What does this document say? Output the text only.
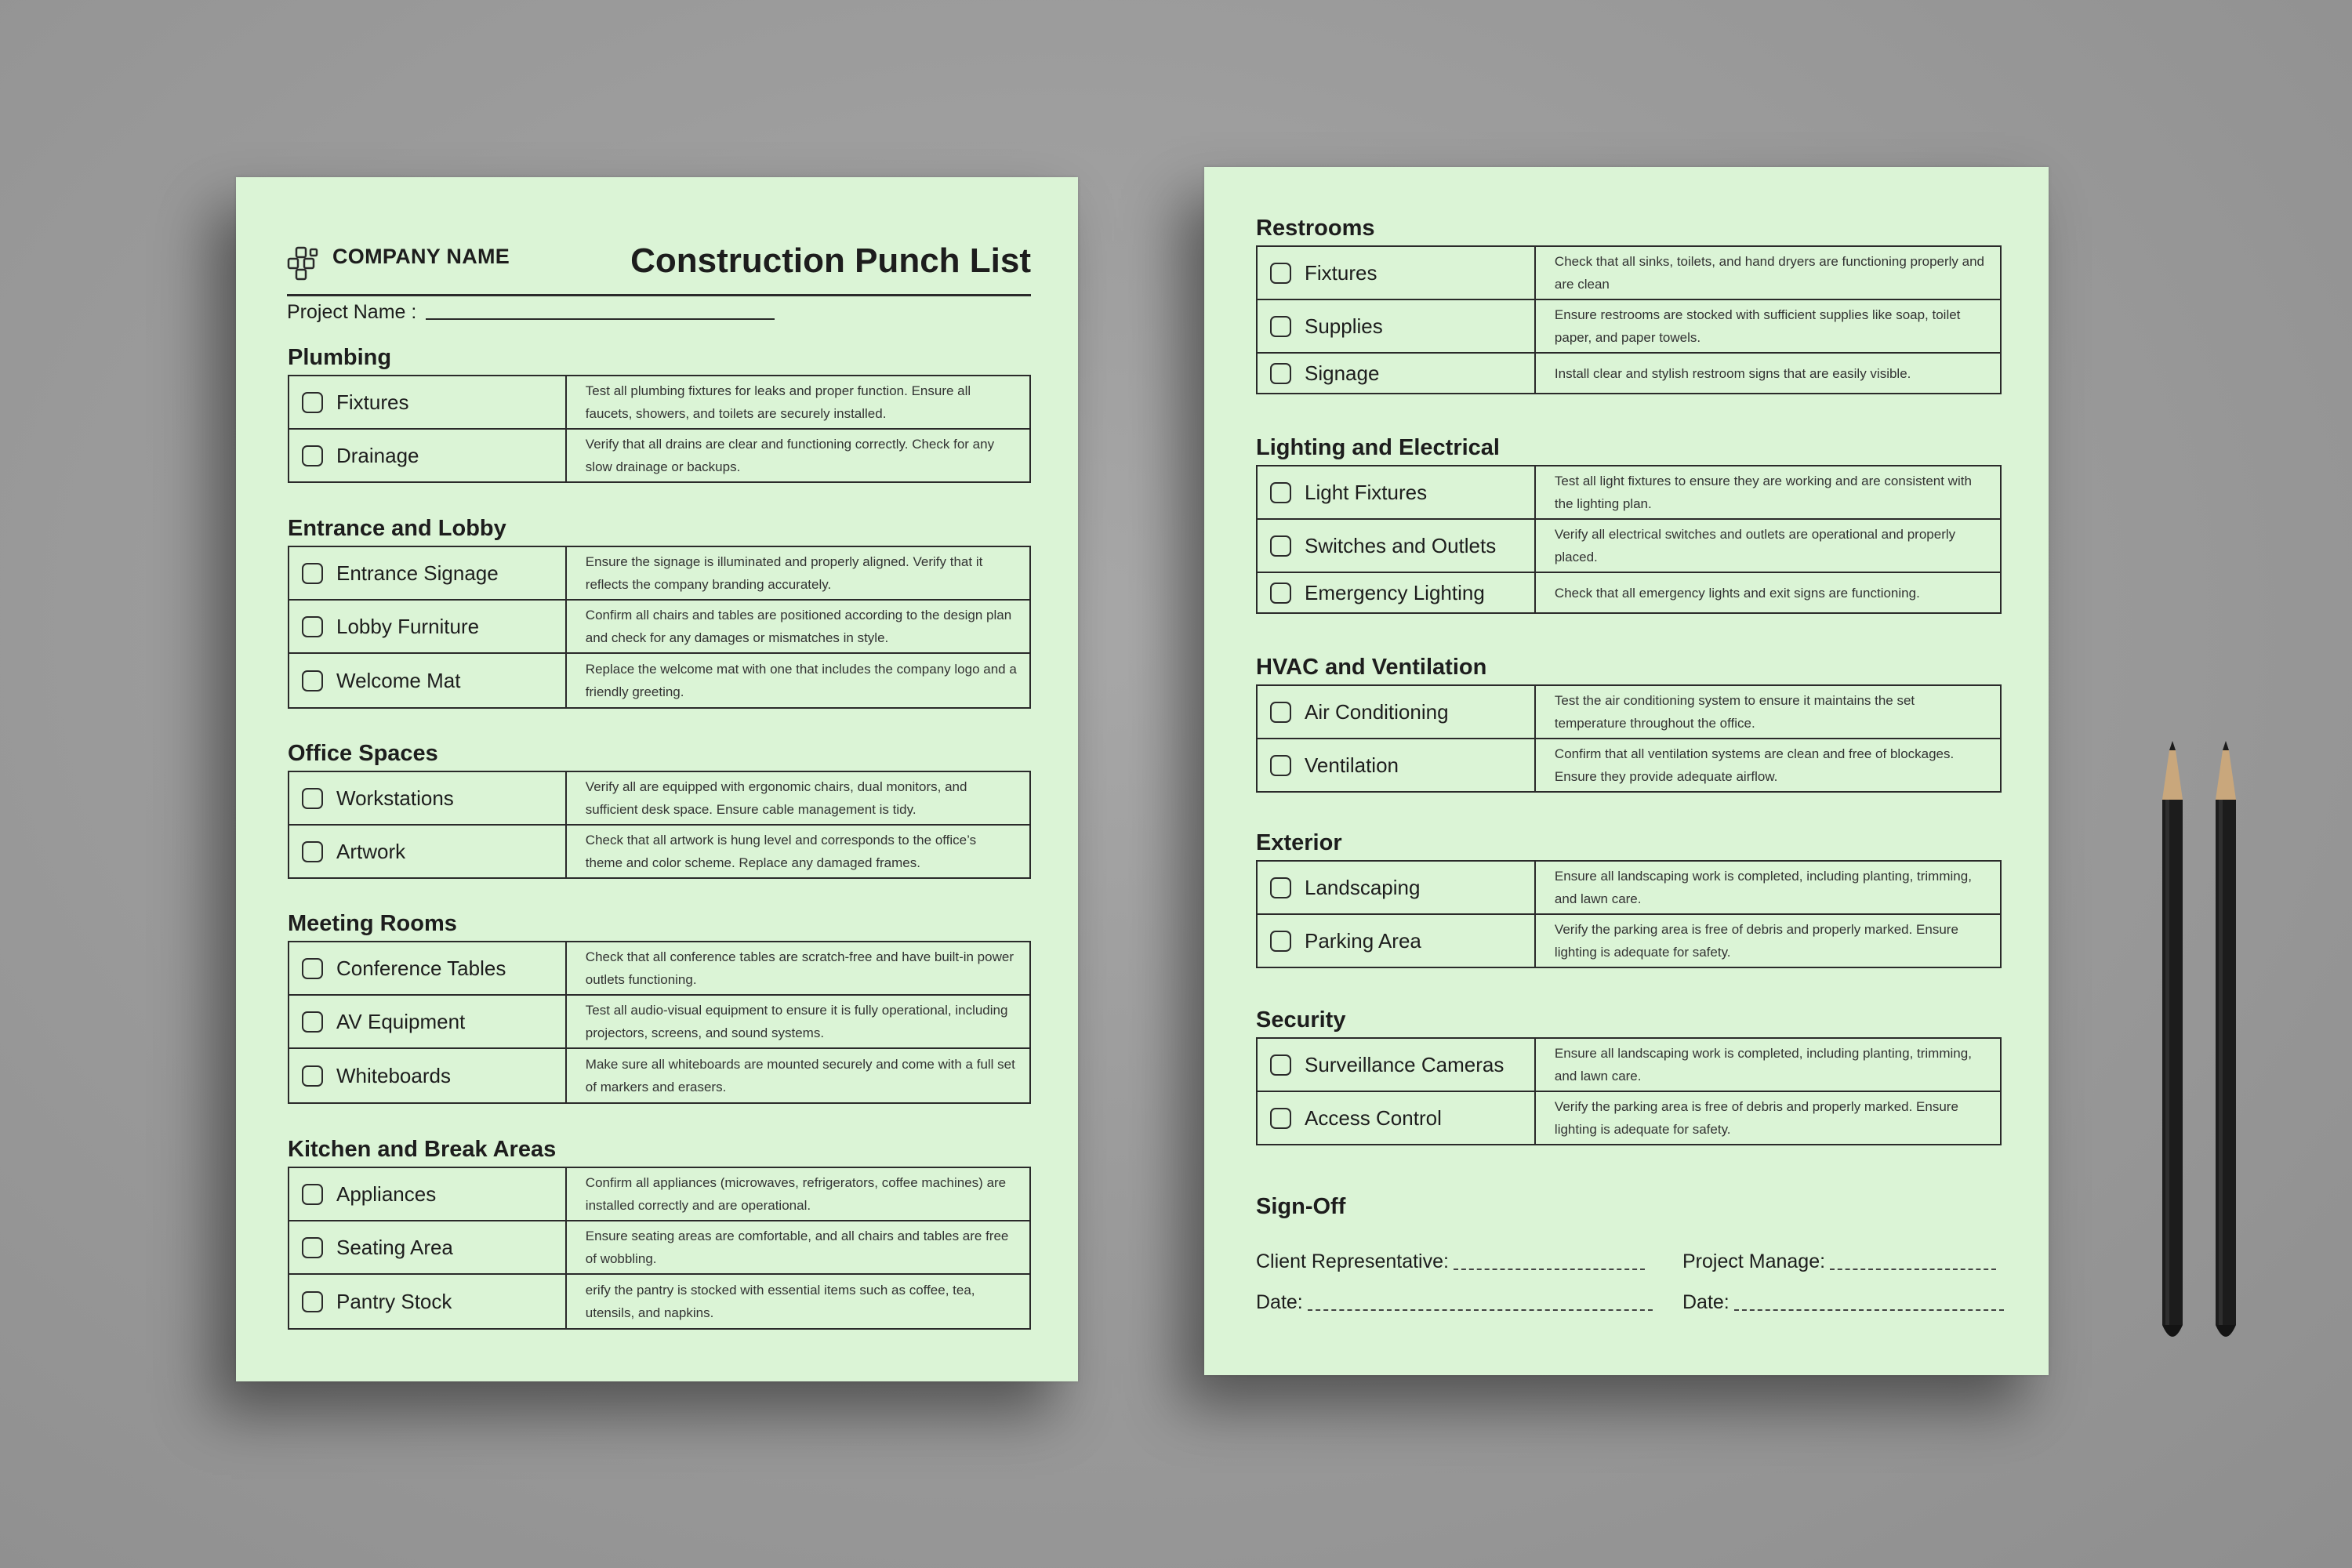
COMPANY NAME	Construction Punch List
Project Name :
Plumbing
Fixtures	Test all plumbing fixtures for leaks and proper function. Ensure all faucets, showers, and toilets are securely installed.

Drainage	Verify that all drains are clear and functioning correctly. Check for any slow drainage or backups.
Entrance and Lobby
Entrance Signage	Ensure the signage is illuminated and properly aligned. Verify that it reflects the company branding accurately.

Lobby Furniture	Confirm all chairs and tables are positioned according to the design plan and check for any damages or mismatches in style.

Welcome Mat	Replace the welcome mat with one that includes the company logo and a friendly greeting.
Office Spaces
Workstations	Verify all are equipped with ergonomic chairs, dual monitors, and sufficient desk space. Ensure cable management is tidy.

Artwork	Check that all artwork is hung level and corresponds to the office’s theme and color scheme. Replace any damaged frames.
Meeting Rooms
Conference Tables	Check that all conference tables are scratch-free and have built-in power outlets functioning.

AV Equipment	Test all audio-visual equipment to ensure it is fully operational, including projectors, screens, and sound systems.

Whiteboards	Make sure all whiteboards are mounted securely and come with a full set of markers and erasers.
Kitchen and Break Areas
Appliances	Confirm all appliances (microwaves, refrigerators, coffee machines) are installed correctly and are operational.

Seating Area	Ensure seating areas are comfortable, and all chairs and tables are free of wobbling.

Pantry Stock	erify the pantry is stocked with essential items such as coffee, tea, utensils, and napkins.
Restrooms
Fixtures	Check that all sinks, toilets, and hand dryers are functioning properly and are clean

Supplies	Ensure restrooms are stocked with sufficient supplies like soap, toilet paper, and paper towels.

Signage	Install clear and stylish restroom signs that are easily visible.
Lighting and Electrical
Light Fixtures	Test all light fixtures to ensure they are working and are consistent with the lighting plan.

Switches and Outlets	Verify all electrical switches and outlets are operational and properly placed.

Emergency Lighting	Check that all emergency lights and exit signs are functioning.
HVAC and Ventilation
Air Conditioning	Test the air conditioning system to ensure it maintains the set temperature throughout the office.

Ventilation	Confirm that all ventilation systems are clean and free of blockages. Ensure they provide adequate airflow.
Exterior
Landscaping	Ensure all landscaping work is completed, including planting, trimming, and lawn care.

Parking Area	Verify the parking area is free of debris and properly marked. Ensure lighting is adequate for safety.
Security
Surveillance Cameras	Ensure all landscaping work is completed, including planting, trimming, and lawn care.

Access Control	Verify the parking area is free of debris and properly marked. Ensure lighting is adequate for safety.
Sign-Off
Client Representative:	Project Manage:
Date:	Date:
